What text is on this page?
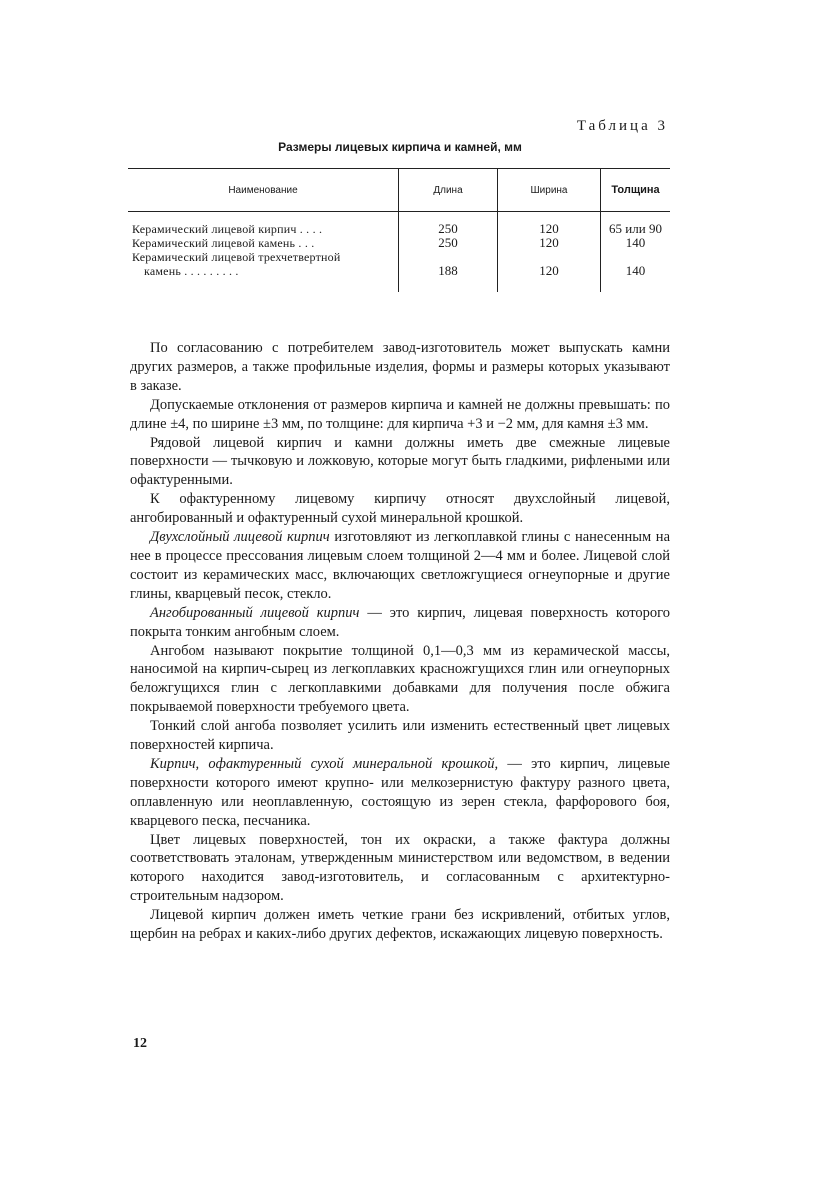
Таблица 3
Размеры лицевых кирпича и камней, мм
Наименование	Длина	Ширина	Толщина
Керамический лицевой кирпич . . . .	250	120	65 или 90
Керамический лицевой камень . . .	250	120	140

Керамический лицевой трехчетвертной
камень . . . . . . . . .	188	120	140

По согласованию с потребителем завод-изготовитель может выпускать камни других размеров, а также профильные изделия, формы и размеры которых указывают в заказе.

Допускаемые отклонения от размеров кирпича и камней не должны превышать: по длине ±4, по ширине ±3 мм, по толщине: для кирпича +3 и −2 мм, для камня ±3 мм.

Рядовой лицевой кирпич и камни должны иметь две смежные лицевые поверхности — тычковую и ложковую, которые могут быть гладкими, рифлеными или офактуренными.

К офактуренному лицевому кирпичу относят двухслойный лицевой, ангобированный и офактуренный сухой минеральной крошкой.

Двухслойный лицевой кирпич изготовляют из легкоплавкой глины с нанесенным на нее в процессе прессования лицевым слоем толщиной 2—4 мм и более. Лицевой слой состоит из керамических масс, включающих светложгущиеся огнеупорные и другие глины, кварцевый песок, стекло.

Ангобированный лицевой кирпич — это кирпич, лицевая поверхность которого покрыта тонким ангобным слоем.

Ангобом называют покрытие толщиной 0,1—0,3 мм из керамической массы, наносимой на кирпич-сырец из легкоплавких красножгущихся глин или огнеупорных беложгущихся глин с легкоплавкими добавками для получения после обжига покрываемой поверхности требуемого цвета.

Тонкий слой ангоба позволяет усилить или изменить естественный цвет лицевых поверхностей кирпича.

Кирпич, офактуренный сухой минеральной крошкой, — это кирпич, лицевые поверхности которого имеют крупно- или мелкозернистую фактуру разного цвета, оплавленную или неоплавленную, состоящую из зерен стекла, фарфорового боя, кварцевого песка, песчаника.

Цвет лицевых поверхностей, тон их окраски, а также фактура должны соответствовать эталонам, утвержденным министерством или ведомством, в ведении которого находится завод-изготовитель, и согласованным с архитектурно-строительным надзором.

Лицевой кирпич должен иметь четкие грани без искривлений, отбитых углов, щербин на ребрах и каких-либо других дефектов, искажающих лицевую поверхность.

12
